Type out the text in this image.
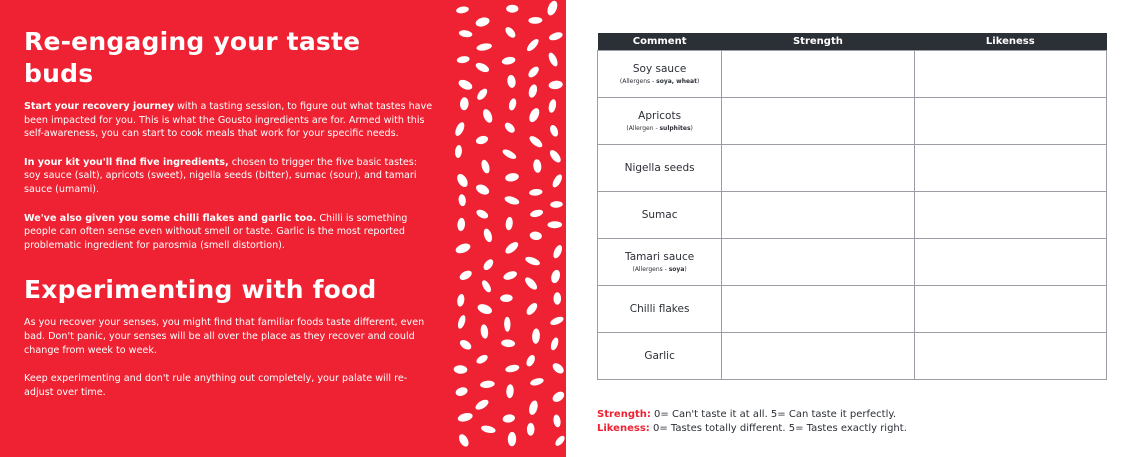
Re-engaging your taste buds

Start your recovery journey with a tasting session, to figure out what tastes have been impacted for you. This is what the Gousto ingredients are for. Armed with this self-awareness, you can start to cook meals that work for your specific needs.

In your kit you'll find five ingredients, chosen to trigger the five basic tastes: soy sauce (salt), apricots (sweet), nigella seeds (bitter), sumac (sour), and tamari sauce (umami).

We've also given you some chilli flakes and garlic too. Chilli is something people can often sense even without smell or taste. Garlic is the most reported problematic ingredient for parosmia (smell distortion).

Experimenting with food

As you recover your senses, you might find that familiar foods taste different, even bad. Don't panic, your senses will be all over the place as they recover and could change from week to week.

Keep experimenting and don't rule anything out completely, your palate will re-adjust over time.

Comment	Strength	Likeness

Soy sauce
(Allergens - soya, wheat)		

Apricots
(Allergen - sulphites)		

Nigella seeds		

Sumac		

Tamari sauce
(Allergens - soya)		

Chilli flakes		

Garlic		

Strength: 0= Can't taste it at all. 5= Can taste it perfectly.
Likeness: 0= Tastes totally different. 5= Tastes exactly right.
